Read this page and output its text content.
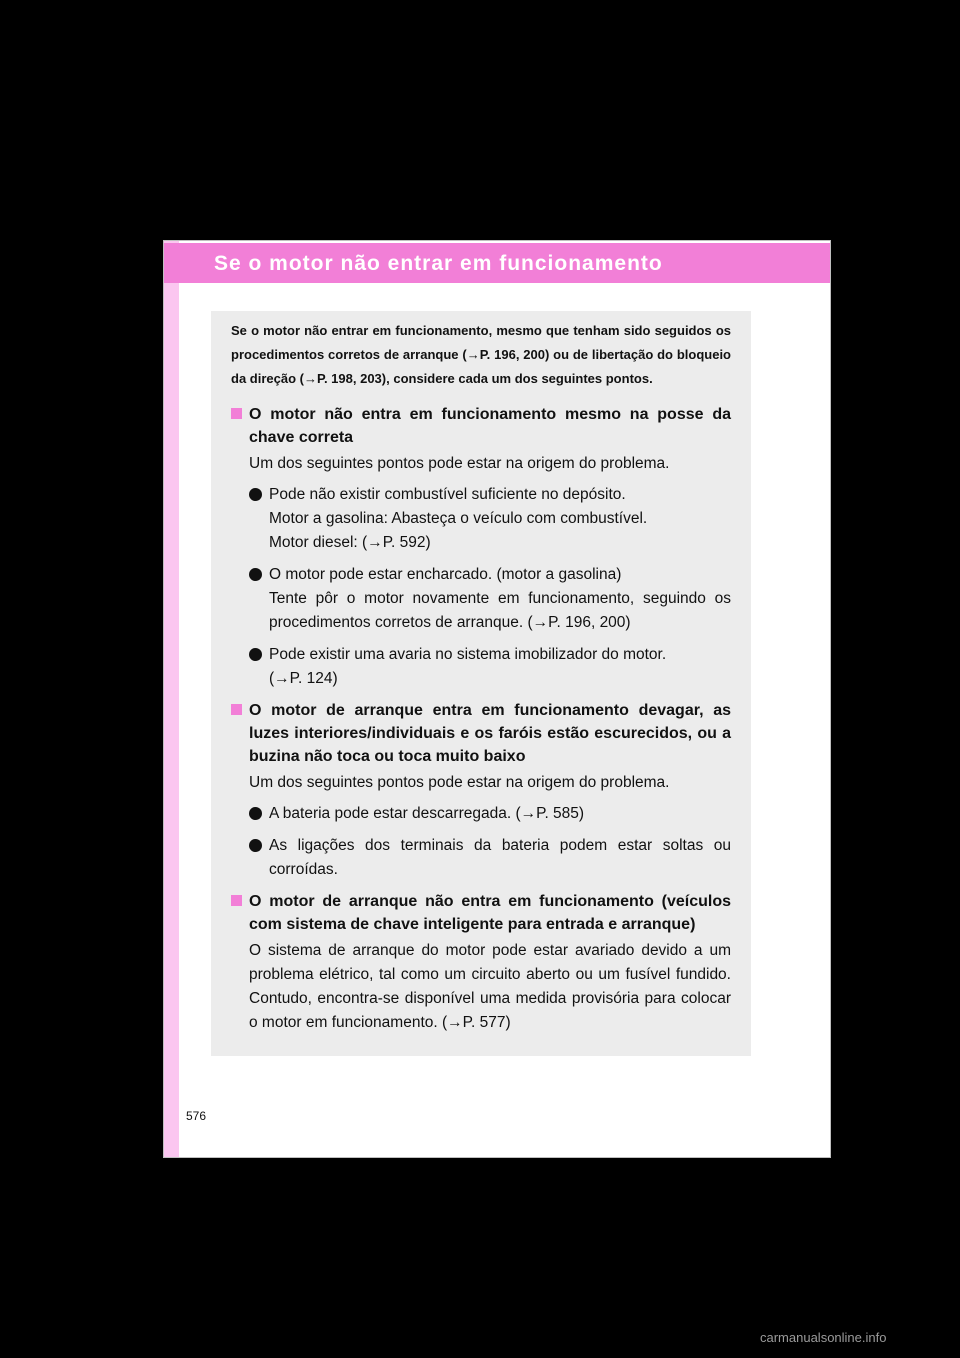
Se o motor não entrar em funcionamento

Se o motor não entrar em funcionamento, mesmo que tenham sido seguidos os procedimentos corretos de arranque (→P. 196, 200) ou de libertação do bloqueio da direção (→P. 198, 203), considere cada um dos seguintes pontos.

O motor não entra em funcionamento mesmo na posse da chave correta

Um dos seguintes pontos pode estar na origem do problema.

Pode não existir combustível suficiente no depósito.
Motor a gasolina: Abasteça o veículo com combustível.
Motor diesel: (→P. 592)
O motor pode estar encharcado. (motor a gasolina)
Tente pôr o motor novamente em funcionamento, seguindo os procedimentos corretos de arranque. (→P. 196, 200)
Pode existir uma avaria no sistema imobilizador do motor.
(→P. 124)
O motor de arranque entra em funcionamento devagar, as luzes interiores/individuais e os faróis estão escurecidos, ou a buzina não toca ou toca muito baixo

Um dos seguintes pontos pode estar na origem do problema.

A bateria pode estar descarregada. (→P. 585)
As ligações dos terminais da bateria podem estar soltas ou corroídas.
O motor de arranque não entra em funcionamento (veículos com sistema de chave inteligente para entrada e arranque)

O sistema de arranque do motor pode estar avariado devido a um problema elétrico, tal como um circuito aberto ou um fusível fundido. Contudo, encontra-se disponível uma medida provisória para colocar o motor em funcionamento. (→P. 577)

576
carmanualsonline.info
